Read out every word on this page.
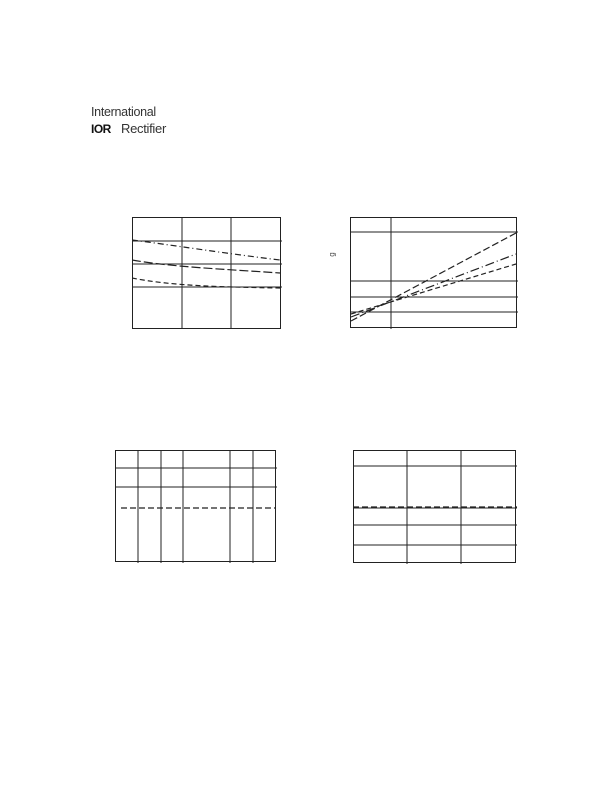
International
IOR Rectifier
g
